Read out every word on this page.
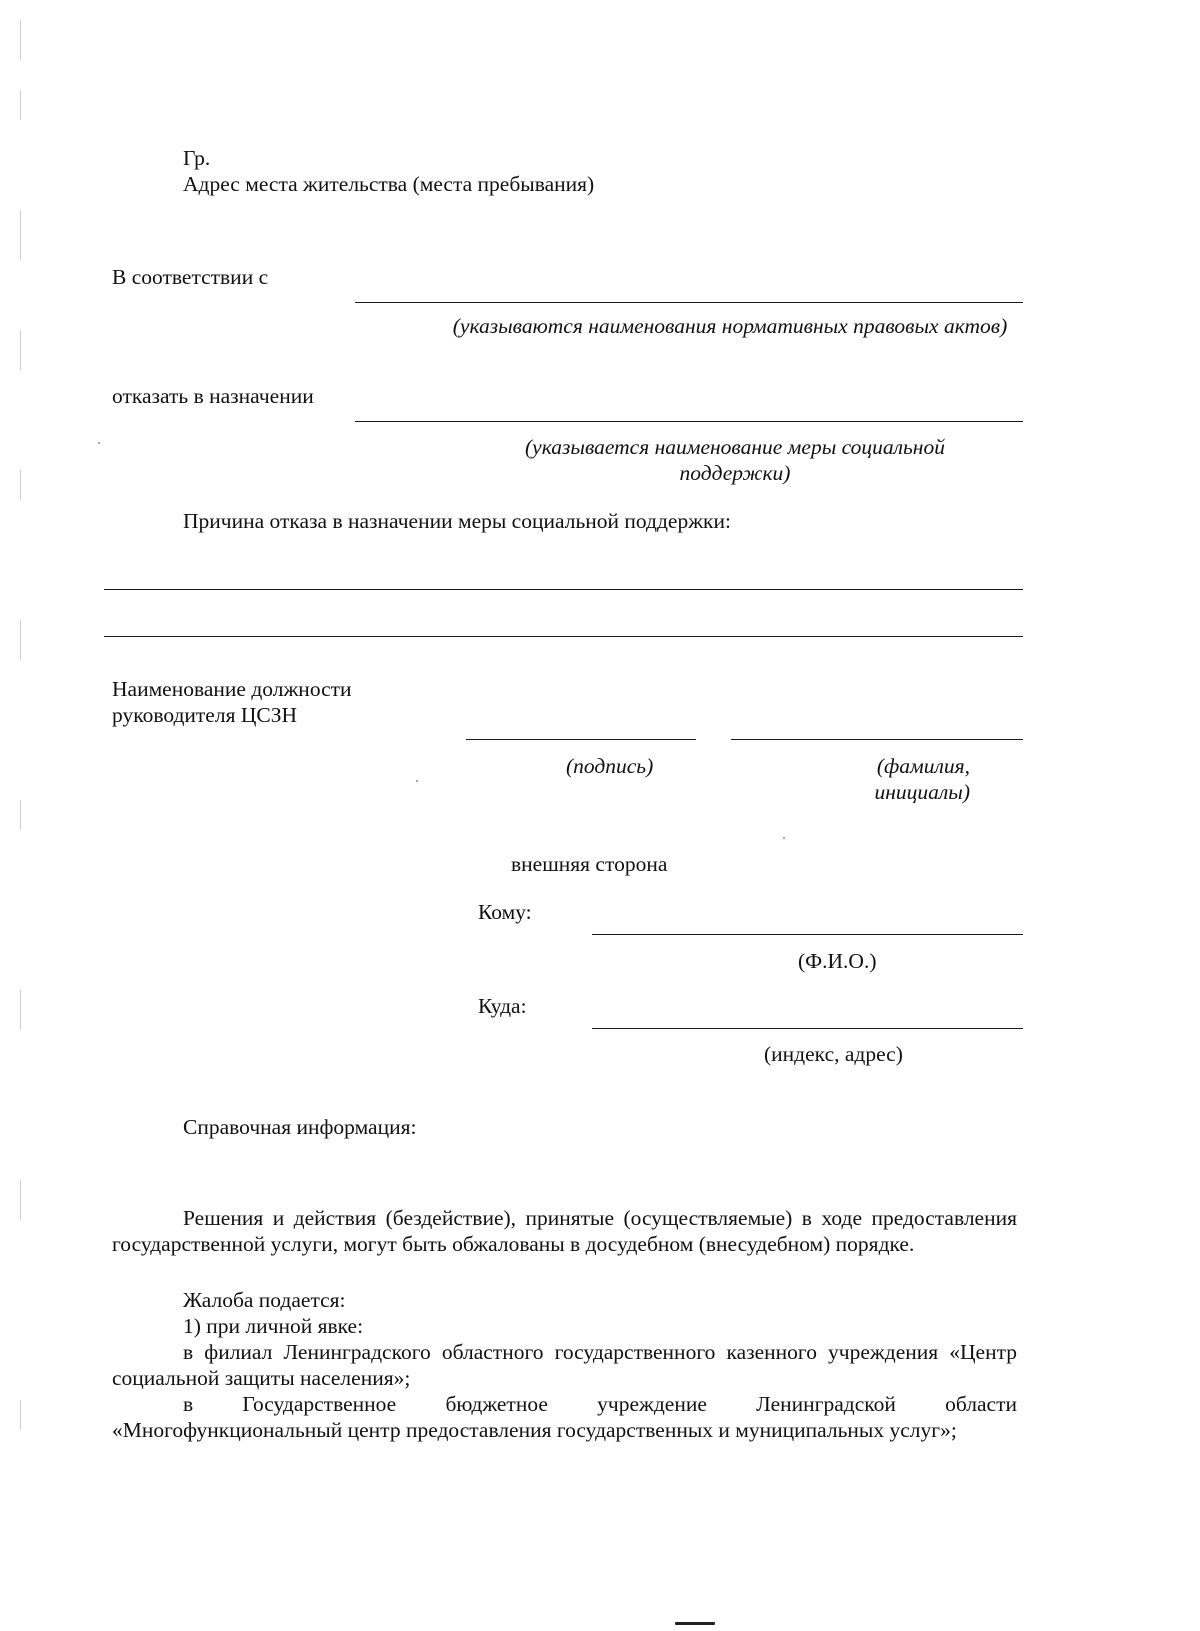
Гр.
Адрес места жительства (места пребывания)
В соответствии с
(указываются наименования нормативных правовых актов)
отказать в назначении
(указывается наименование меры социальной поддержки)
Причина отказа в назначении меры социальной поддержки:
Наименование должности
руководителя ЦСЗН
(подпись)	(фамилия, инициалы)
внешняя сторона
Кому:
(Ф.И.О.)
Куда:
(индекс, адрес)
Справочная информация:
Решения и действия (бездействие), принятые (осуществляемые) в ходе предоставления государственной услуги, могут быть обжалованы в досудебном (внесудебном) порядке.
Жалоба подается:
1) при личной явке:
в филиал Ленинградского областного государственного казенного учреждения «Центр социальной защиты населения»;
в Государственное бюджетное учреждение Ленинградской области «Многофункциональный центр предоставления государственных и муниципальных услуг»;
